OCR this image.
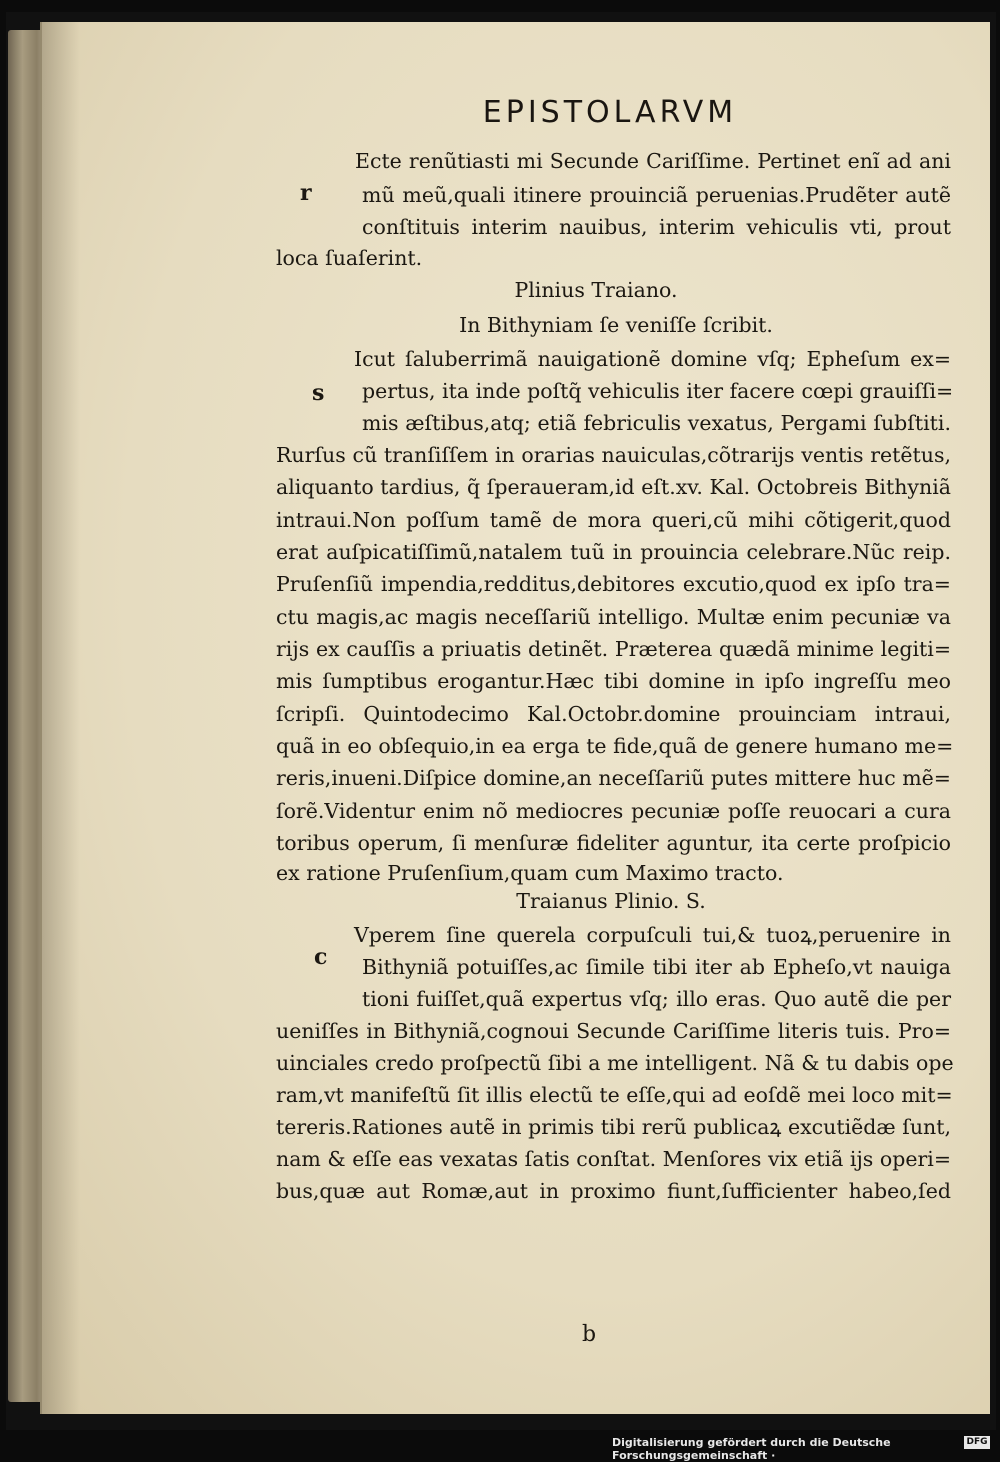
EPISTOLARVM
r
s
c
Ecte renũtiasti mi Secunde Cariſſime. Pertinet enĩ ad ani
mũ meũ,quali itinere prouinciã peruenias.Prudẽter autẽ
conſtituis interim nauibus, interim vehiculis vti, prout
loca ſuaſerint.
Plinius Traiano.
In Bithyniam ſe veniſſe ſcribit.
Icut ſaluberrimã nauigationẽ domine vſq; Epheſum ex=
pertus, ita inde poſtq̃ vehiculis iter facere cœpi grauiſſi=
mis æſtibus,atq; etiã febriculis vexatus, Pergami ſubſtiti.
Rurſus cũ tranſiſſem in orarias nauiculas,cõtrarijs ventis retẽtus,
aliquanto tardius, q̃ ſperaueram,id eſt.xv. Kal. Octobreis Bithyniã
intraui.Non poſſum tamẽ de mora queri,cũ mihi cõtigerit,quod
erat auſpicatiſſimũ,natalem tuũ in prouincia celebrare.Nũc reip.
Pruſenſiũ impendia,redditus,debitores excutio,quod ex ipſo tra=
ctu magis,ac magis neceſſariũ intelligo. Multæ enim pecuniæ va
rijs ex cauſſis a priuatis detinẽt. Prætereа quædã minime legiti=
mis ſumptibus erogantur.Hæc tibi domine in ipſo ingreſſu meo
ſcripſi. Quintodecimo Kal.Octobr.domine prouinciam intraui,
quã in eo obſequio,in ea erga te fide,quã de genere humano me=
reris,inueni.Diſpice domine,an neceſſariũ putes mittere huc mẽ=
ſorẽ.Videntur enim nõ mediocres pecuniæ poſſe reuocari a cura
toribus operum, ſi menſuræ fideliter aguntur, ita certe proſpicio
ex ratione Pruſenſium,quam cum Maximo tracto.
Traianus Plinio. S.
Vperem ſine querela corpuſculi tui,& tuoꝝ,peruenire in
Bithyniã potuiſſes,ac ſimile tibi iter ab Epheſo,vt nauiga
tioni fuiſſet,quã expertus vſq; illo eras. Quo autẽ die per
ueniſſes in Bithyniã,cognoui Secunde Cariſſime literis tuis. Pro=
uinciales credo proſpectũ ſibi a me intelligent. Nã & tu dabis ope
ram,vt manifeſtũ ſit illis electũ te eſſe,qui ad eoſdẽ mei loco mit=
tereris.Rationes autẽ in primis tibi rerũ publicaꝝ excutiẽdæ ſunt,
nam & eſſe eas vexatas ſatis conſtat. Menſores vix etiã ijs operi=
bus,quæ aut Romæ,aut in proximo fiunt,ſufficienter habeo,ſed
b
Digitalisierung gefördert durch die Deutsche Forschungsgemeinschaft ·
DFG
